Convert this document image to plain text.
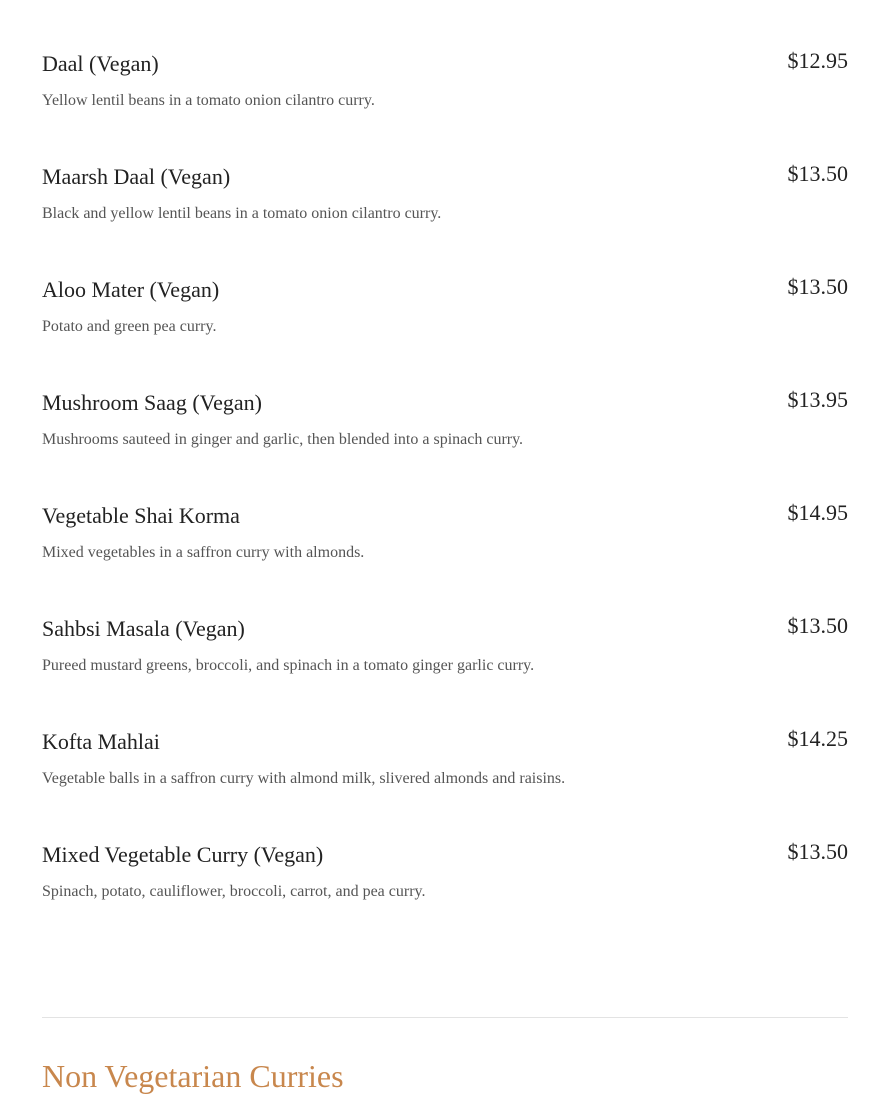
Daal (Vegan)	$12.95
Yellow lentil beans in a tomato onion cilantro curry.
Maarsh Daal (Vegan)	$13.50
Black and yellow lentil beans in a tomato onion cilantro curry.
Aloo Mater (Vegan)	$13.50
Potato and green pea curry.
Mushroom Saag (Vegan)	$13.95
Mushrooms sauteed in ginger and garlic, then blended into a spinach curry.
Vegetable Shai Korma	$14.95
Mixed vegetables in a saffron curry with almonds.
Sahbsi Masala (Vegan)	$13.50
Pureed mustard greens, broccoli, and spinach in a tomato ginger garlic curry.
Kofta Mahlai	$14.25
Vegetable balls in a saffron curry with almond milk, slivered almonds and raisins.
Mixed Vegetable Curry (Vegan)	$13.50
Spinach, potato, cauliflower, broccoli, carrot, and pea curry.
Non Vegetarian Curries
